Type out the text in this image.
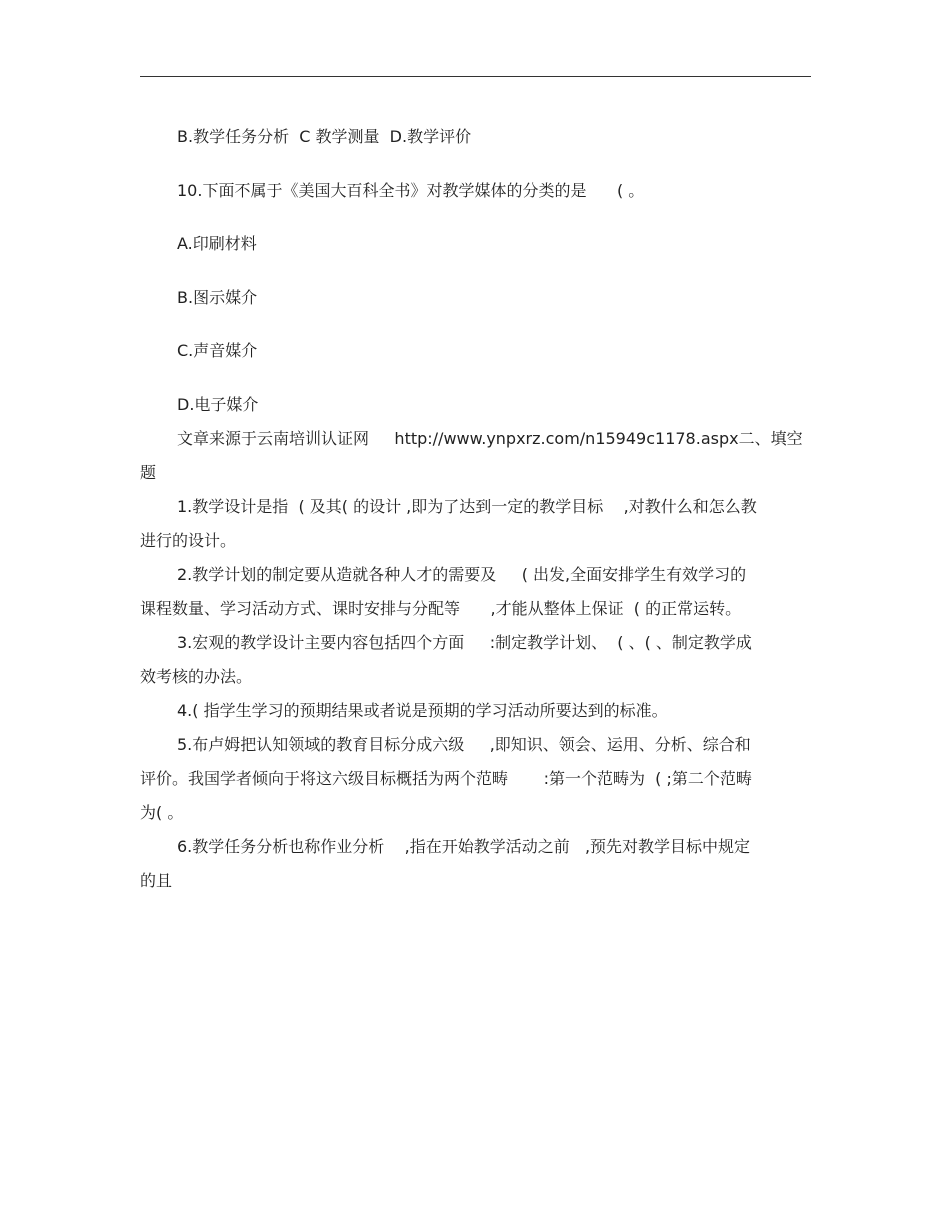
B.教学任务分析  C 教学测量  D.教学评价

10.下面不属于《美国大百科全书》对教学媒体的分类的是      ( 。

A.印刷材料

B.图示媒介

C.声音媒介

D.电子媒介

文章来源于云南培训认证网     http://www.ynpxrz.com/n15949c1178.aspx二、填空

题

1.教学设计是指  ( 及其( 的设计 ,即为了达到一定的教学目标    ,对教什么和怎么教

进行的设计。

2.教学计划的制定要从造就各种人才的需要及     ( 出发,全面安排学生有效学习的

课程数量、学习活动方式、课时安排与分配等      ,才能从整体上保证  ( 的正常运转。

3.宏观的教学设计主要内容包括四个方面     :制定教学计划、  ( 、( 、制定教学成

效考核的办法。

4.( 指学生学习的预期结果或者说是预期的学习活动所要达到的标准。

5.布卢姆把认知领域的教育目标分成六级     ,即知识、领会、运用、分析、综合和

评价。我国学者倾向于将这六级目标概括为两个范畴       :第一个范畴为  ( ;第二个范畴

为( 。

6.教学任务分析也称作业分析    ,指在开始教学活动之前   ,预先对教学目标中规定

的且
